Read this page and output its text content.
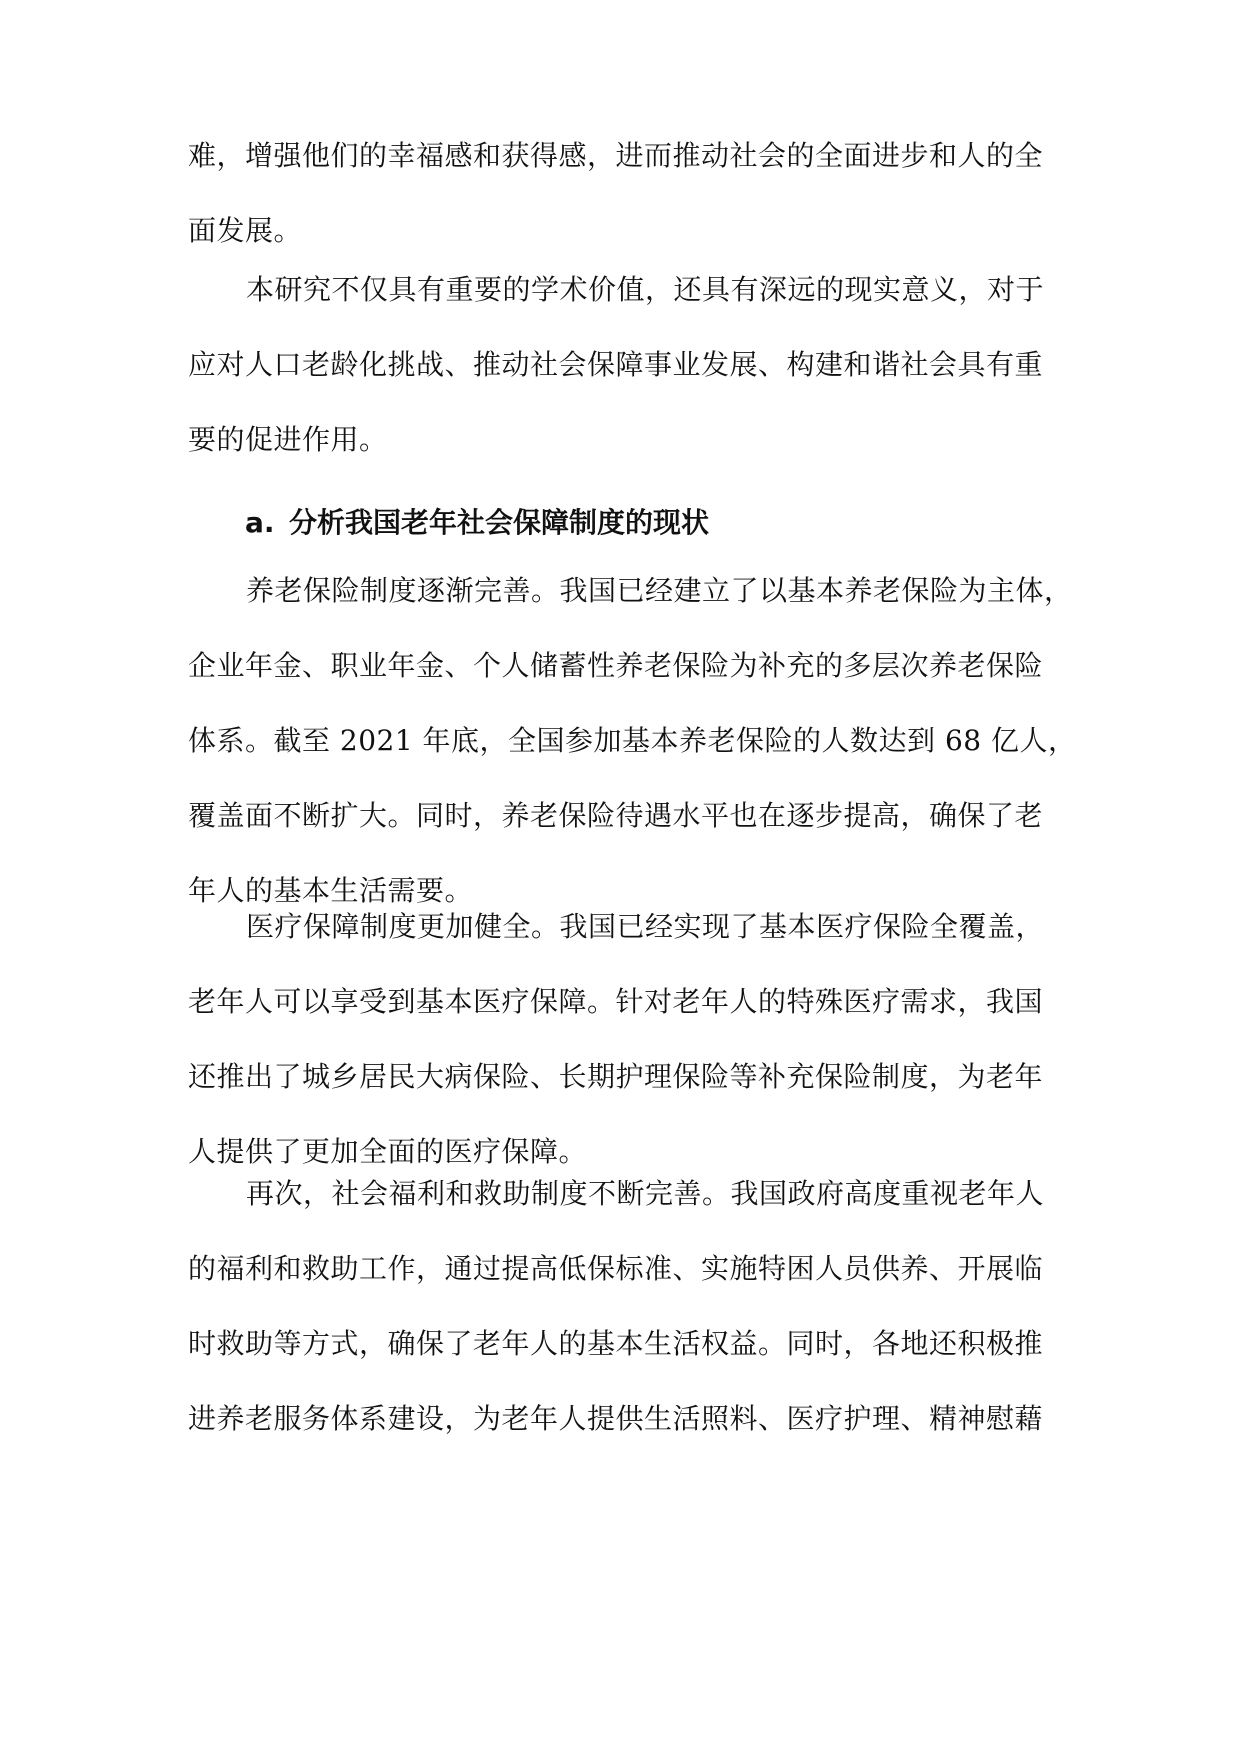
难，增强他们的幸福感和获得感，进而推动社会的全面进步和人的全
面发展。

本研究不仅具有重要的学术价值，还具有深远的现实意义，对于
应对人口老龄化挑战、推动社会保障事业发展、构建和谐社会具有重
要的促进作用。

a. 分析我国老年社会保障制度的现状

养老保险制度逐渐完善。我国已经建立了以基本养老保险为主体，
企业年金、职业年金、个人储蓄性养老保险为补充的多层次养老保险
体系。截至 2021 年底，全国参加基本养老保险的人数达到 68 亿人，
覆盖面不断扩大。同时，养老保险待遇水平也在逐步提高，确保了老
年人的基本生活需要。

医疗保障制度更加健全。我国已经实现了基本医疗保险全覆盖，
老年人可以享受到基本医疗保障。针对老年人的特殊医疗需求，我国
还推出了城乡居民大病保险、长期护理保险等补充保险制度，为老年
人提供了更加全面的医疗保障。

再次，社会福利和救助制度不断完善。我国政府高度重视老年人
的福利和救助工作，通过提高低保标准、实施特困人员供养、开展临
时救助等方式，确保了老年人的基本生活权益。同时，各地还积极推
进养老服务体系建设，为老年人提供生活照料、医疗护理、精神慰藉
